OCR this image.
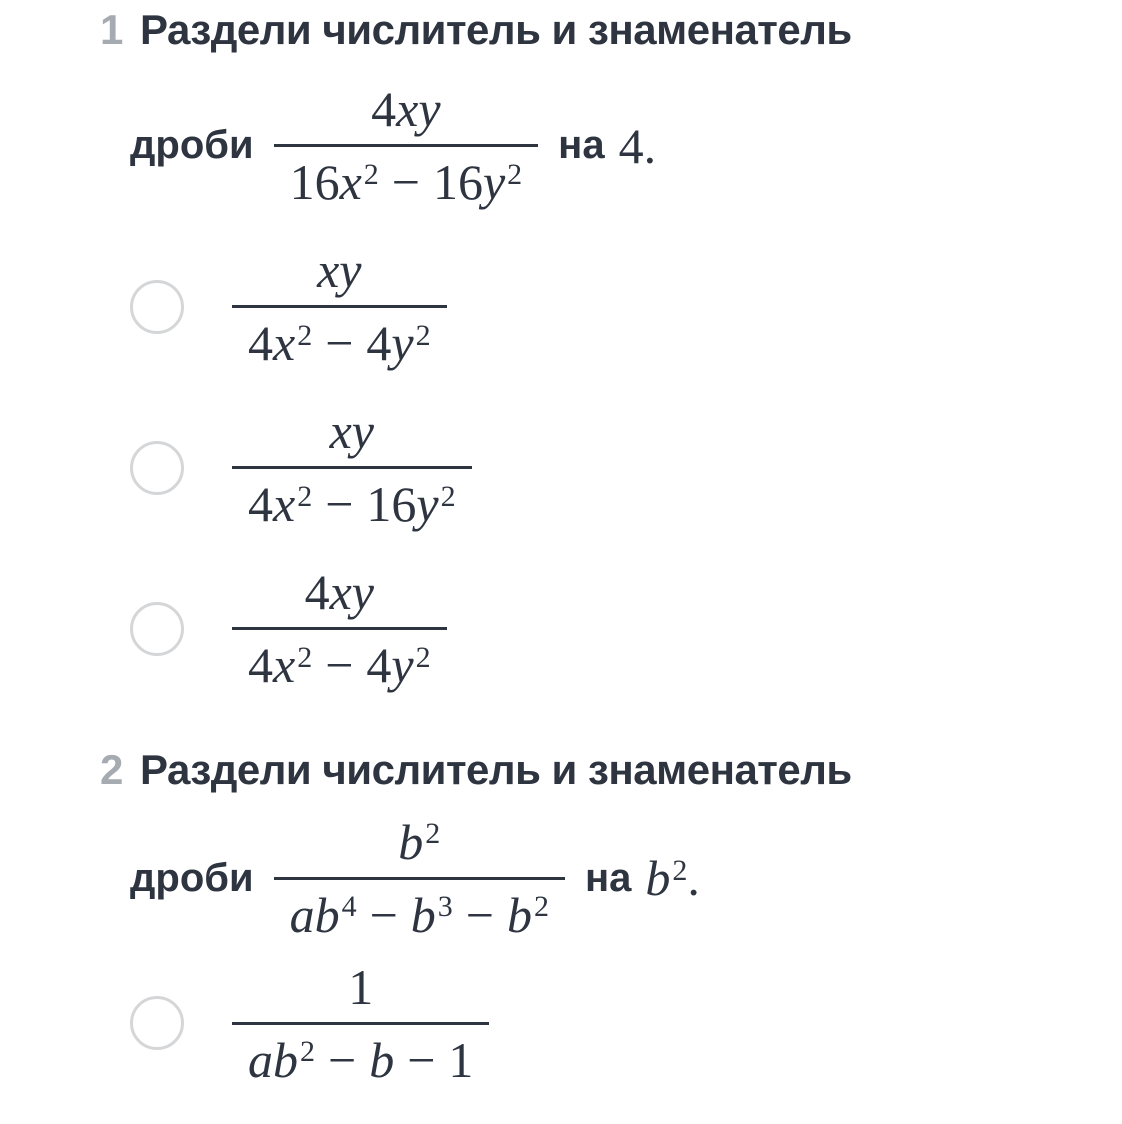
1 Раздели числитель и знаменатель
дроби $\frac{4xy}{16x^2 - 16y^2}$ на 4.
$\frac{xy}{4x^2 - 4y^2}$
$\frac{xy}{4x^2 - 16y^2}$
$\frac{4xy}{4x^2 - 4y^2}$
2 Раздели числитель и знаменатель
дроби $\frac{b^2}{ab^4 - b^3 - b^2}$ на $b^2$.
$\frac{1}{ab^2 - b - 1}$
